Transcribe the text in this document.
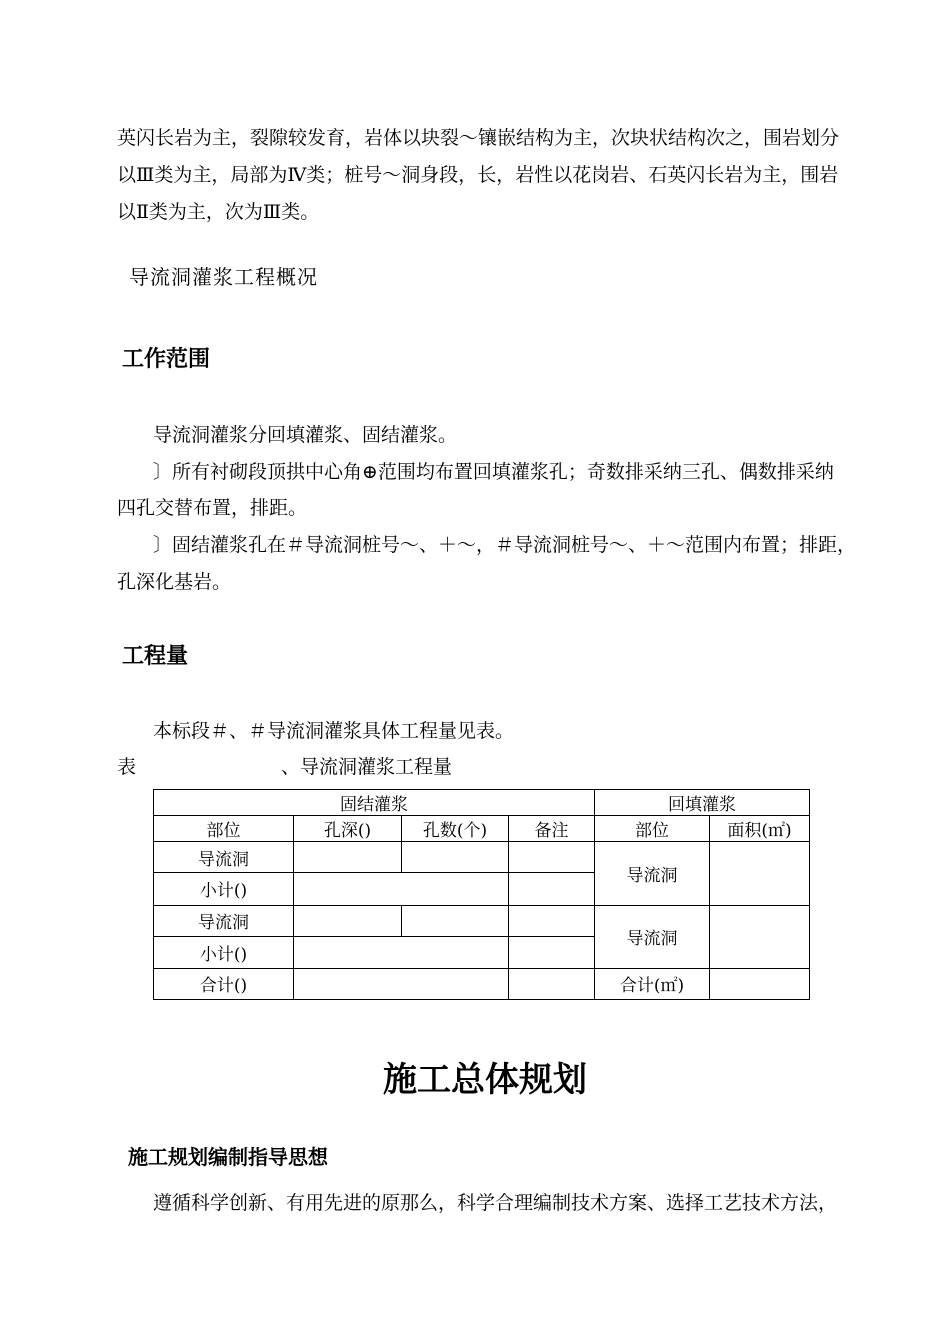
英闪长岩为主，裂隙较发育，岩体以块裂～镶嵌结构为主，次块状结构次之，围岩划分
以Ⅲ类为主，局部为Ⅳ类；桩号～洞身段，长，岩性以花岗岩、石英闪长岩为主，围岩
以Ⅱ类为主，次为Ⅲ类。
导流洞灌浆工程概况
工作范围
导流洞灌浆分回填灌浆、固结灌浆。
〕所有衬砌段顶拱中心角⊕范围均布置回填灌浆孔；奇数排采纳三孔、偶数排采纳
四孔交替布置，排距。
〕固结灌浆孔在＃导流洞桩号～、＋～，＃导流洞桩号～、＋～范围内布置；排距，
孔深化基岩。
工程量
本标段＃、＃导流洞灌浆具体工程量见表。
表	、导流洞灌浆工程量
固结灌浆				回填灌浆	
部位	孔深()	孔数(个)	备注	部位	面积(㎡)
导流洞				导流洞	
小计()					
导流洞				导流洞	
小计()					
合计()				合计(㎡)	
施工总体规划
施工规划编制指导思想
遵循科学创新、有用先进的原那么，科学合理编制技术方案、选择工艺技术方法，
